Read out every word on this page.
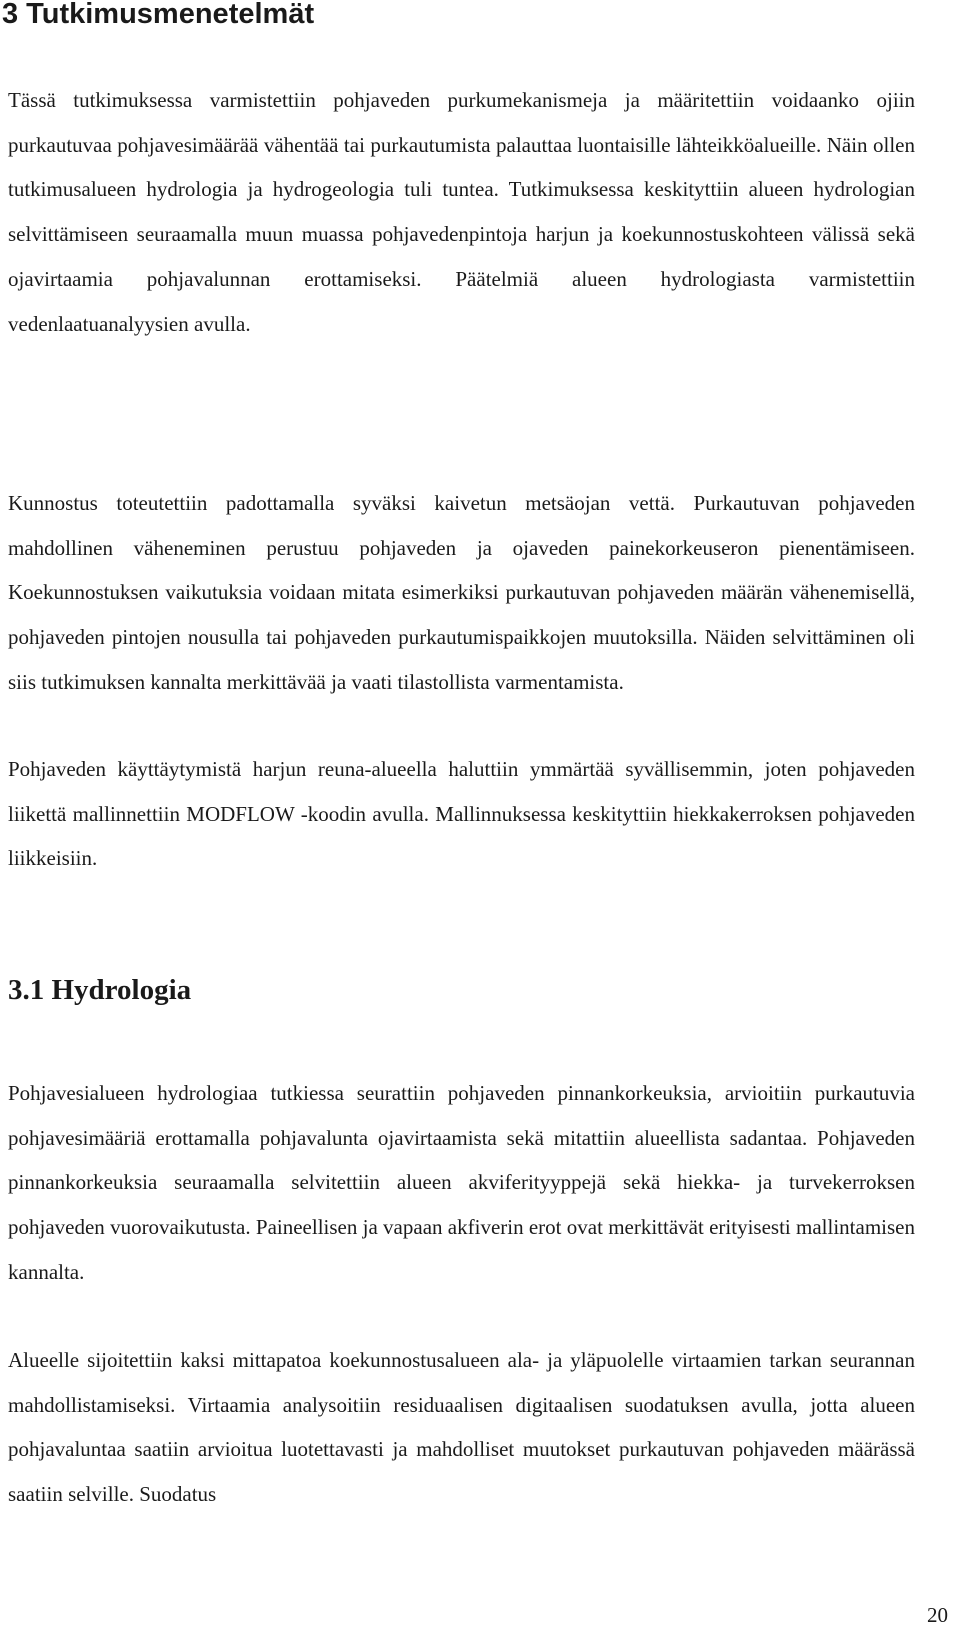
3 Tutkimusmenetelmät

Tässä tutkimuksessa varmistettiin pohjaveden purkumekanismeja ja määritettiin voidaanko ojiin purkautuvaa pohjavesimäärää vähentää tai purkautumista palauttaa luontaisille lähteikköalueille. Näin ollen tutkimusalueen hydrologia ja hydrogeologia tuli tuntea. Tutkimuksessa keskityttiin alueen hydrologian selvittämiseen seuraamalla muun muassa pohjavedenpintoja harjun ja koekunnostuskohteen välissä sekä ojavirtaamia pohjavalunnan erottamiseksi. Päätelmiä alueen hydrologiasta varmistettiin vedenlaatuanalyysien avulla.

Kunnostus toteutettiin padottamalla syväksi kaivetun metsäojan vettä. Purkautuvan pohjaveden mahdollinen väheneminen perustuu pohjaveden ja ojaveden painekorkeuseron pienentämiseen. Koekunnostuksen vaikutuksia voidaan mitata esimerkiksi purkautuvan pohjaveden määrän vähenemisellä, pohjaveden pintojen nousulla tai pohjaveden purkautumispaikkojen muutoksilla. Näiden selvittäminen oli siis tutkimuksen kannalta merkittävää ja vaati tilastollista varmentamista.

Pohjaveden käyttäytymistä harjun reuna-alueella haluttiin ymmärtää syvällisemmin, joten pohjaveden liikettä mallinnettiin MODFLOW -koodin avulla. Mallinnuksessa keskityttiin hiekkakerroksen pohjaveden liikkeisiin.

3.1 Hydrologia

Pohjavesialueen hydrologiaa tutkiessa seurattiin pohjaveden pinnankorkeuksia, arvioitiin purkautuvia pohjavesimääriä erottamalla pohjavalunta ojavirtaamista sekä mitattiin alueellista sadantaa. Pohjaveden pinnankorkeuksia seuraamalla selvitettiin alueen akviferityyppejä sekä hiekka- ja turvekerroksen pohjaveden vuorovaikutusta. Paineellisen ja vapaan akfiverin erot ovat merkittävät erityisesti mallintamisen kannalta.

Alueelle sijoitettiin kaksi mittapatoa koekunnostusalueen ala- ja yläpuolelle virtaamien tarkan seurannan mahdollistamiseksi. Virtaamia analysoitiin residuaalisen digitaalisen suodatuksen avulla, jotta alueen pohjavaluntaa saatiin arvioitua luotettavasti ja mahdolliset muutokset purkautuvan pohjaveden määrässä saatiin selville. Suodatus

20
